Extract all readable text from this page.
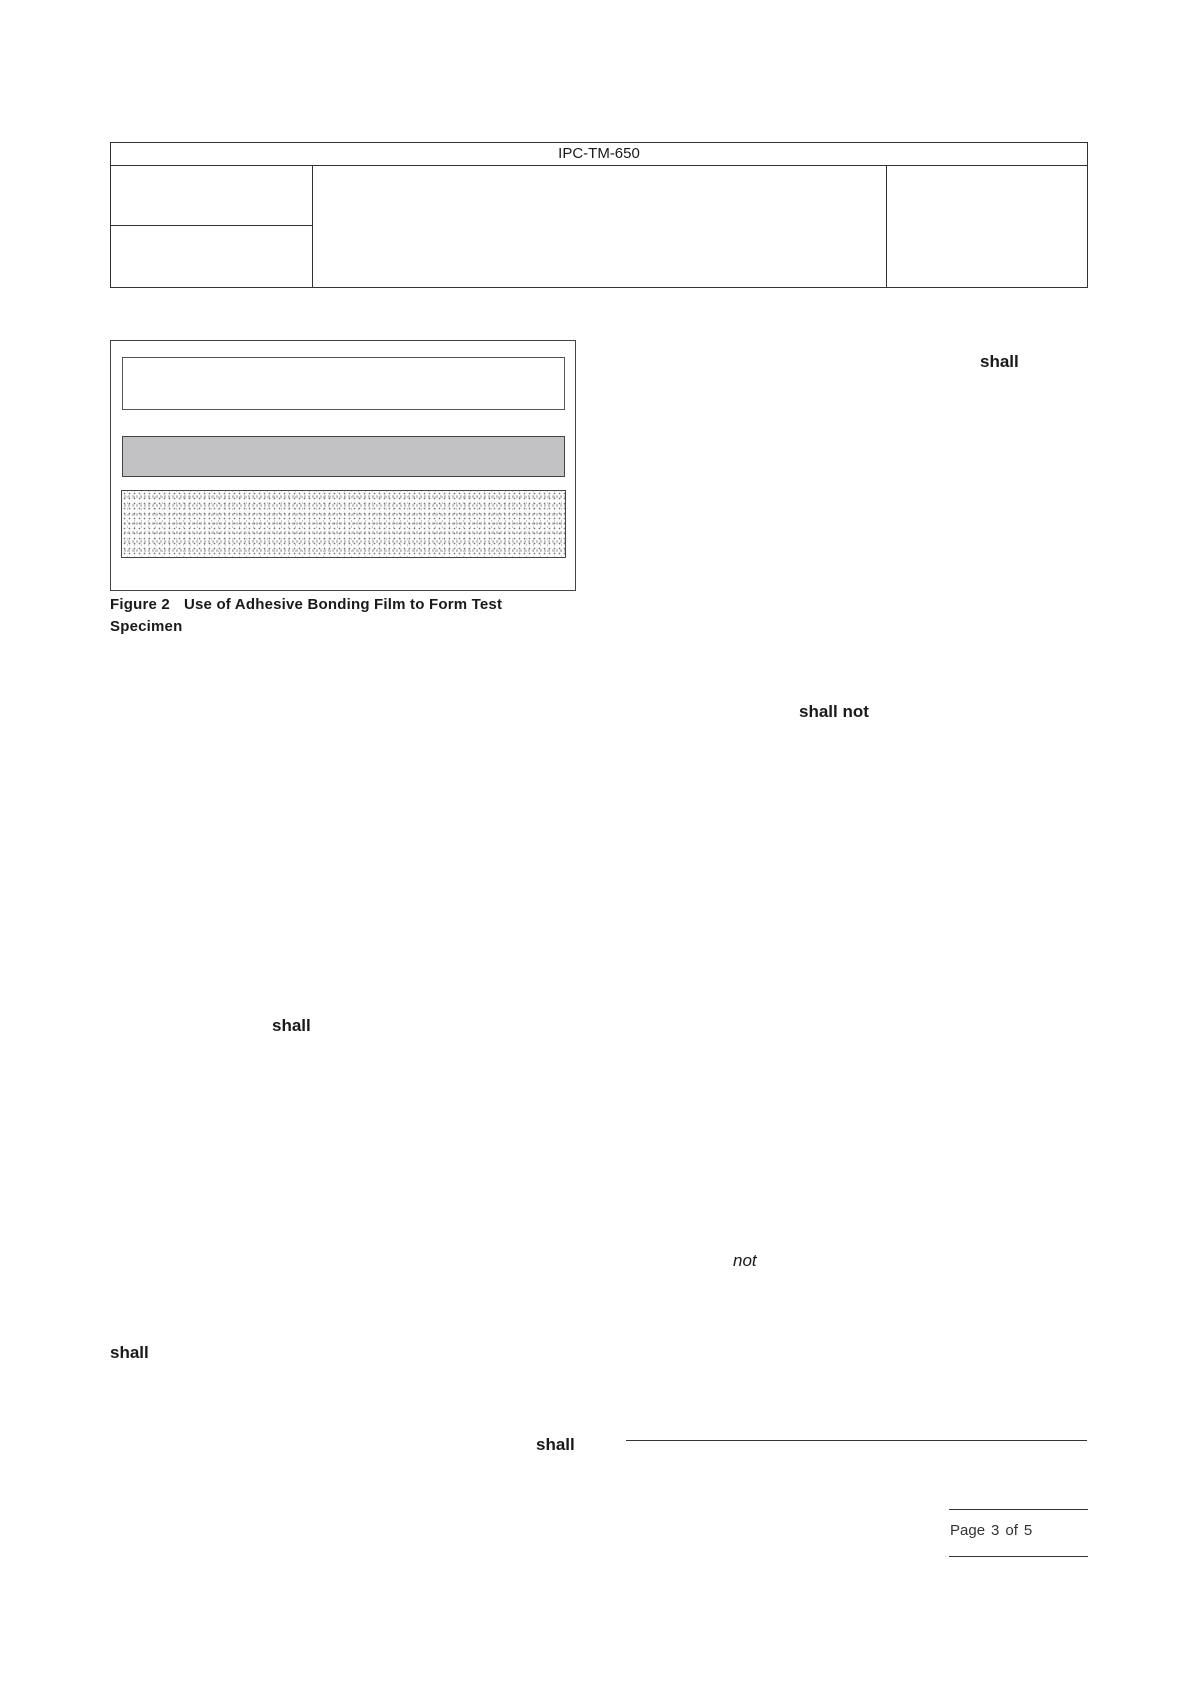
IPC-TM-650
Figure 2 Use of Adhesive Bonding Film to Form Test
Specimen
shall
shall not
shall
not
shall
shall
Page 3 of 5
